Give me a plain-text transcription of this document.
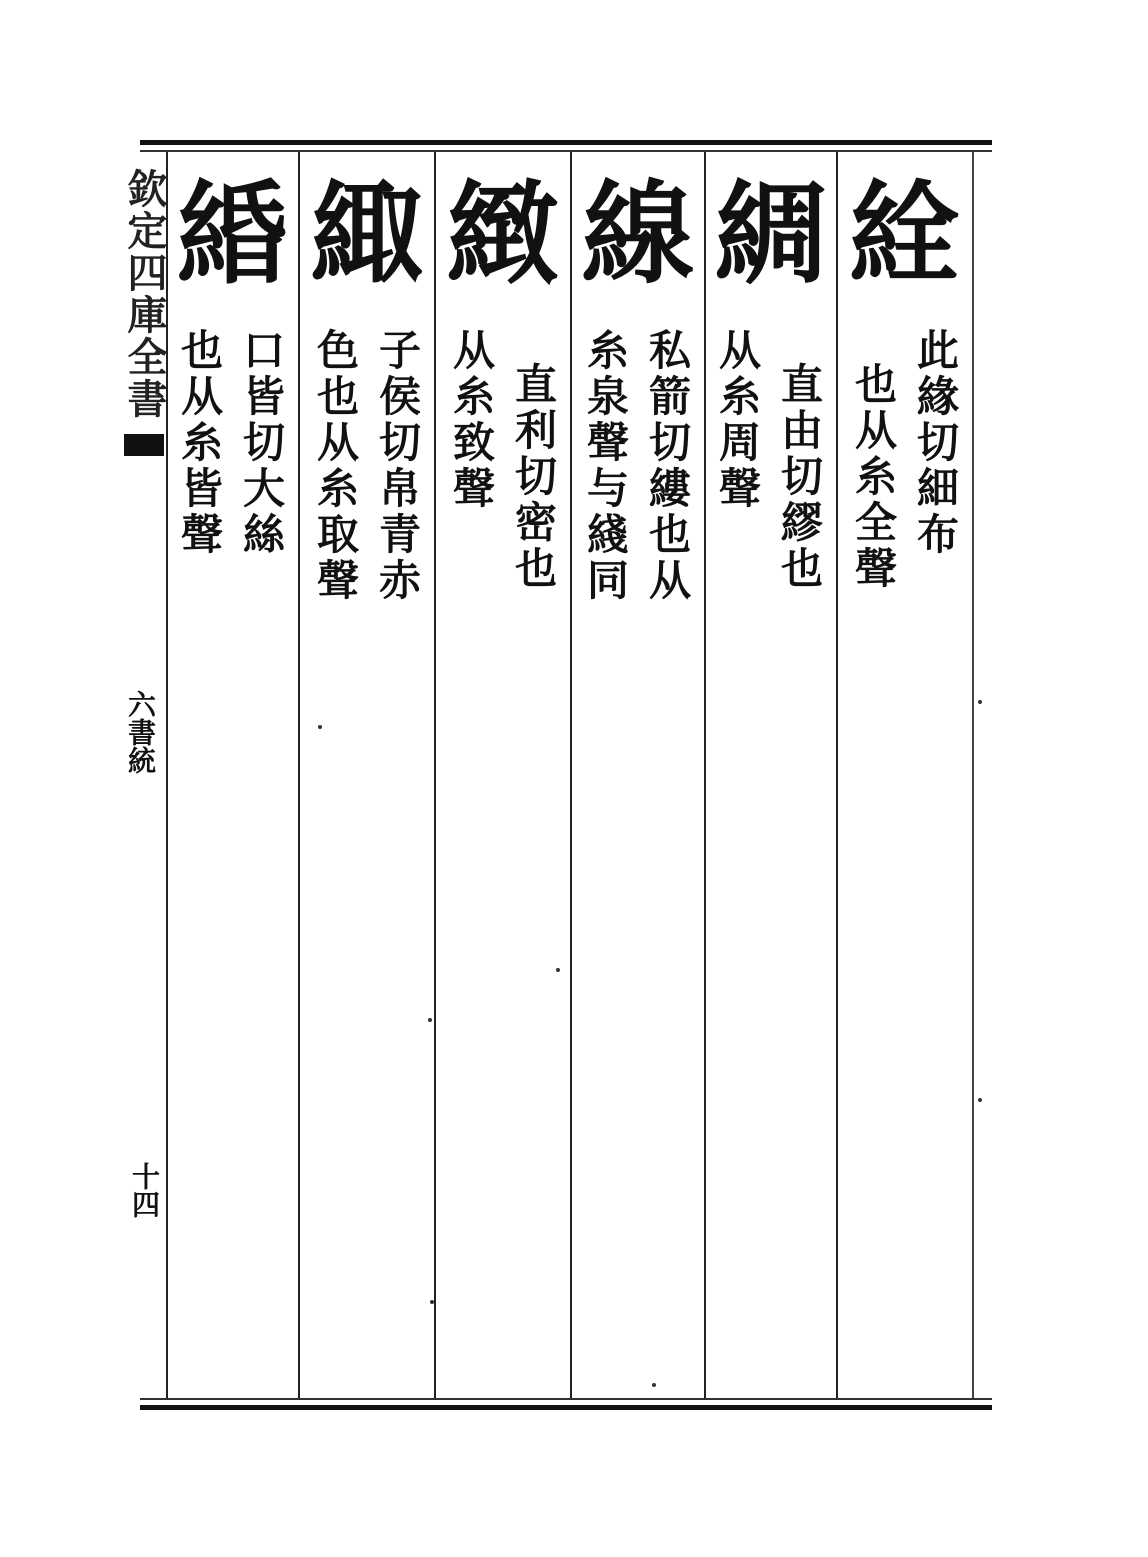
欽定四庫全書
六書統
十四
絟
此緣切細布
也从糸全聲
綢
直由切繆也
从糸周聲
線
私箭切縷也从
糸泉聲与綫同
緻
直利切密也
从糸致聲
緅
子侯切帛青赤
色也从糸取聲
緍
口皆切大絲
也从糸皆聲
